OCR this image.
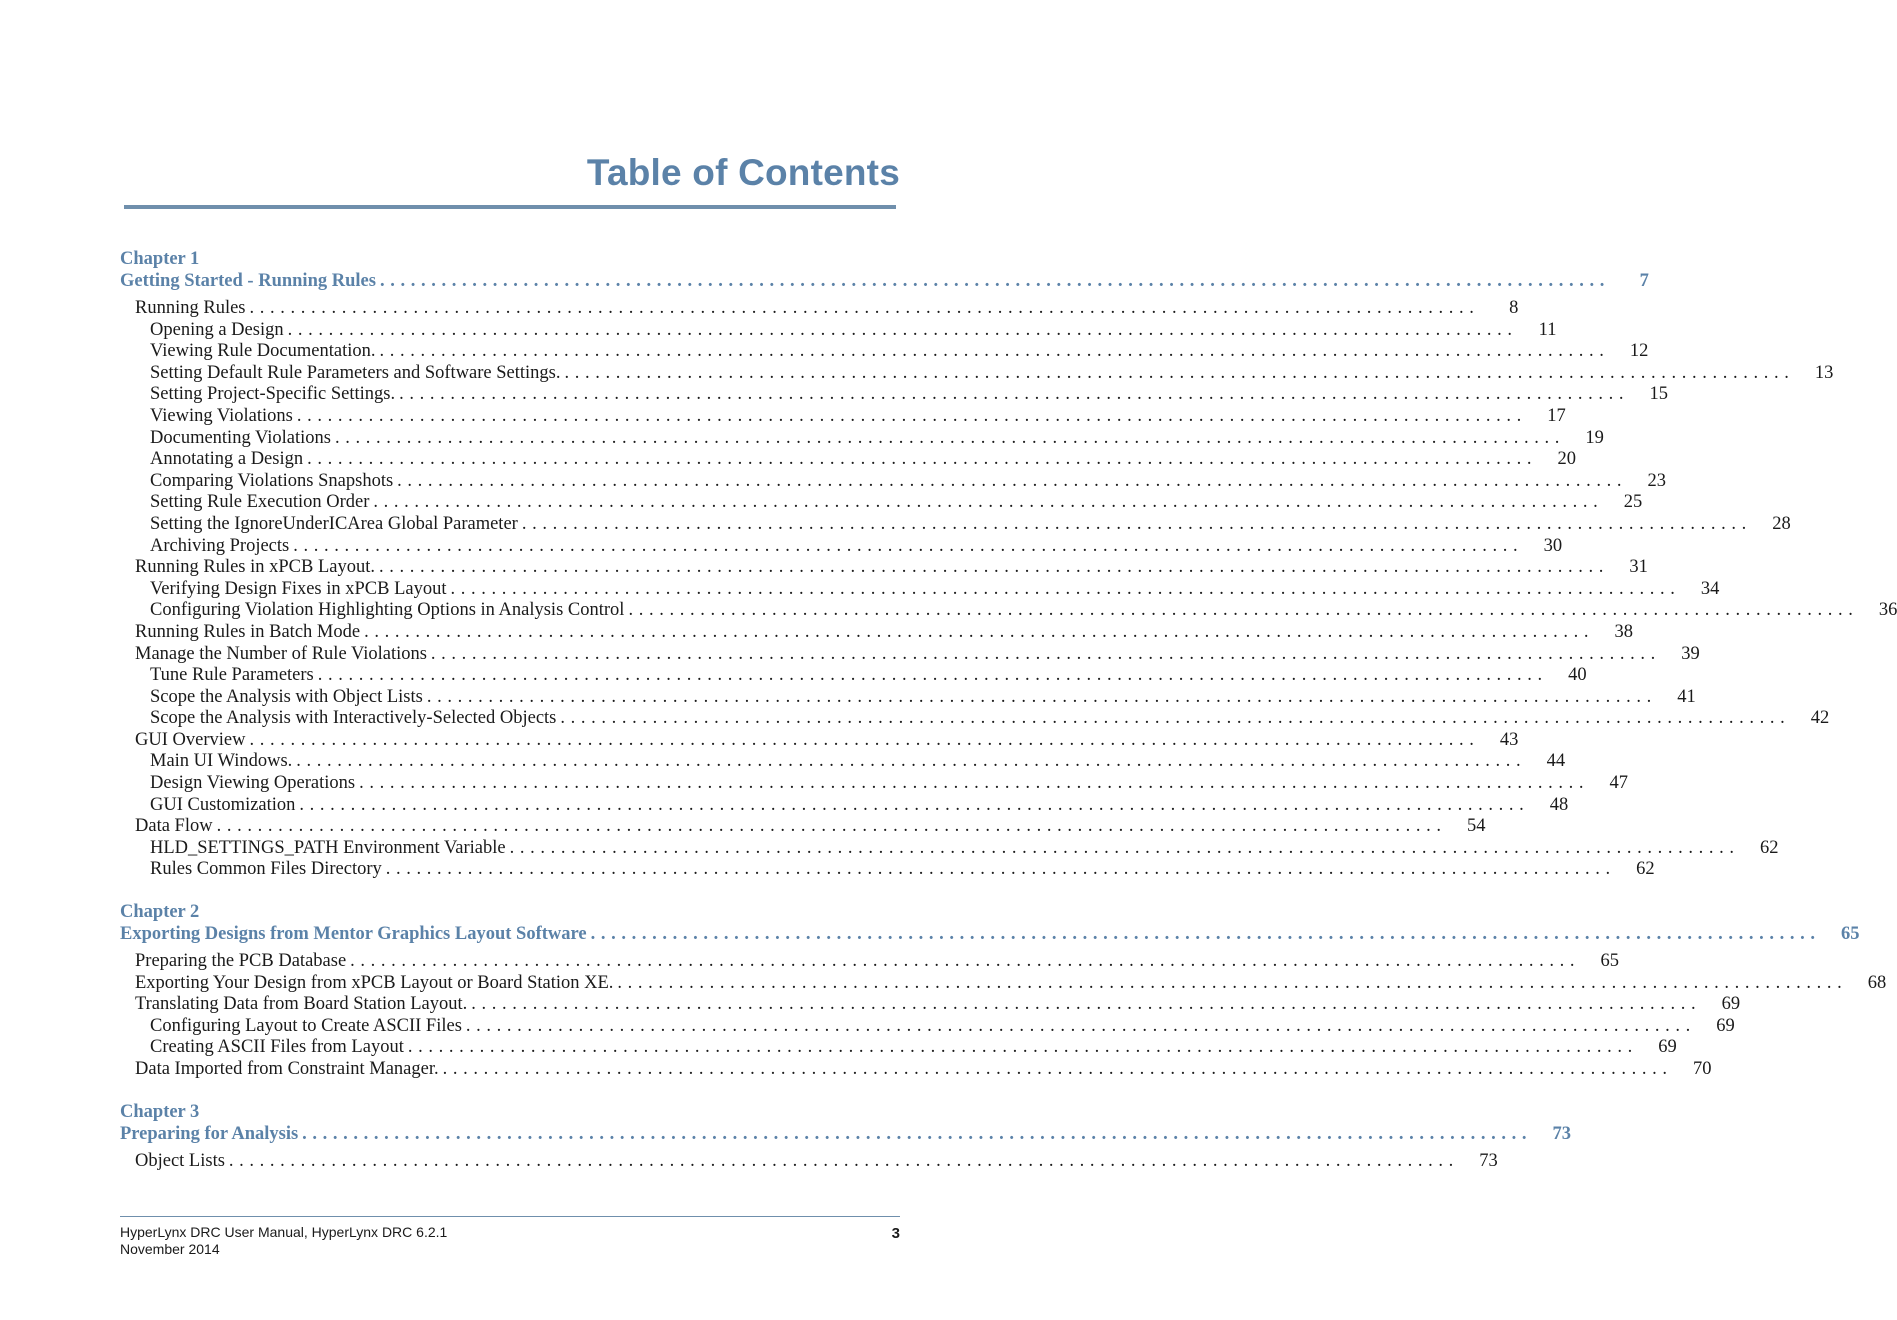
Table of Contents
Chapter 1
Getting Started - Running Rules . . . . . . . . . . . . . . . . . . . . . . . . . . . . . . . . . . . . . . . . . . . . . . . . . . . . . . . . . . . . . . . . . . . . . . . . . . . . . . . . . . . . . . . . . . . . . . . . . . . . . . . . . . . . . . . . . . . . . . . .	7
Running Rules . . . . . . . . . . . . . . . . . . . . . . . . . . . . . . . . . . . . . . . . . . . . . . . . . . . . . . . . . . . . . . . . . . . . . . . . . . . . . . . . . . . . . . . . . . . . . . . . . . . . . . . . . . . . . . . . . . . . . . . .	8
Opening a Design . . . . . . . . . . . . . . . . . . . . . . . . . . . . . . . . . . . . . . . . . . . . . . . . . . . . . . . . . . . . . . . . . . . . . . . . . . . . . . . . . . . . . . . . . . . . . . . . . . . . . . . . . . . . . . . . . . . . . . . .	11
Viewing Rule Documentation. . . . . . . . . . . . . . . . . . . . . . . . . . . . . . . . . . . . . . . . . . . . . . . . . . . . . . . . . . . . . . . . . . . . . . . . . . . . . . . . . . . . . . . . . . . . . . . . . . . . . . . . . . . . . . . . . . . . . . . . .	12
Setting Default Rule Parameters and Software Settings. . . . . . . . . . . . . . . . . . . . . . . . . . . . . . . . . . . . . . . . . . . . . . . . . . . . . . . . . . . . . . . . . . . . . . . . . . . . . . . . . . . . . . . . . . . . . . . . . . . . . . . . . . . . . . . . . . . . . . . . .	13
Setting Project-Specific Settings. . . . . . . . . . . . . . . . . . . . . . . . . . . . . . . . . . . . . . . . . . . . . . . . . . . . . . . . . . . . . . . . . . . . . . . . . . . . . . . . . . . . . . . . . . . . . . . . . . . . . . . . . . . . . . . . . . . . . . . . .	15
Viewing Violations . . . . . . . . . . . . . . . . . . . . . . . . . . . . . . . . . . . . . . . . . . . . . . . . . . . . . . . . . . . . . . . . . . . . . . . . . . . . . . . . . . . . . . . . . . . . . . . . . . . . . . . . . . . . . . . . . . . . . . . .	17
Documenting Violations . . . . . . . . . . . . . . . . . . . . . . . . . . . . . . . . . . . . . . . . . . . . . . . . . . . . . . . . . . . . . . . . . . . . . . . . . . . . . . . . . . . . . . . . . . . . . . . . . . . . . . . . . . . . . . . . . . . . . . . .	19
Annotating a Design . . . . . . . . . . . . . . . . . . . . . . . . . . . . . . . . . . . . . . . . . . . . . . . . . . . . . . . . . . . . . . . . . . . . . . . . . . . . . . . . . . . . . . . . . . . . . . . . . . . . . . . . . . . . . . . . . . . . . . . .	20
Comparing Violations Snapshots . . . . . . . . . . . . . . . . . . . . . . . . . . . . . . . . . . . . . . . . . . . . . . . . . . . . . . . . . . . . . . . . . . . . . . . . . . . . . . . . . . . . . . . . . . . . . . . . . . . . . . . . . . . . . . . . . . . . . . . .	23
Setting Rule Execution Order . . . . . . . . . . . . . . . . . . . . . . . . . . . . . . . . . . . . . . . . . . . . . . . . . . . . . . . . . . . . . . . . . . . . . . . . . . . . . . . . . . . . . . . . . . . . . . . . . . . . . . . . . . . . . . . . . . . . . . . .	25
Setting the IgnoreUnderICArea Global Parameter . . . . . . . . . . . . . . . . . . . . . . . . . . . . . . . . . . . . . . . . . . . . . . . . . . . . . . . . . . . . . . . . . . . . . . . . . . . . . . . . . . . . . . . . . . . . . . . . . . . . . . . . . . . . . . . . . . . . . . . .	28
Archiving Projects . . . . . . . . . . . . . . . . . . . . . . . . . . . . . . . . . . . . . . . . . . . . . . . . . . . . . . . . . . . . . . . . . . . . . . . . . . . . . . . . . . . . . . . . . . . . . . . . . . . . . . . . . . . . . . . . . . . . . . . .	30
Running Rules in xPCB Layout. . . . . . . . . . . . . . . . . . . . . . . . . . . . . . . . . . . . . . . . . . . . . . . . . . . . . . . . . . . . . . . . . . . . . . . . . . . . . . . . . . . . . . . . . . . . . . . . . . . . . . . . . . . . . . . . . . . . . . . . .	31
Verifying Design Fixes in xPCB Layout . . . . . . . . . . . . . . . . . . . . . . . . . . . . . . . . . . . . . . . . . . . . . . . . . . . . . . . . . . . . . . . . . . . . . . . . . . . . . . . . . . . . . . . . . . . . . . . . . . . . . . . . . . . . . . . . . . . . . . . .	34
Configuring Violation Highlighting Options in Analysis Control . . . . . . . . . . . . . . . . . . . . . . . . . . . . . . . . . . . . . . . . . . . . . . . . . . . . . . . . . . . . . . . . . . . . . . . . . . . . . . . . . . . . . . . . . . . . . . . . . . . . . . . . . . . . . . . . . . . . . . . .	36
Running Rules in Batch Mode . . . . . . . . . . . . . . . . . . . . . . . . . . . . . . . . . . . . . . . . . . . . . . . . . . . . . . . . . . . . . . . . . . . . . . . . . . . . . . . . . . . . . . . . . . . . . . . . . . . . . . . . . . . . . . . . . . . . . . . .	38
Manage the Number of Rule Violations . . . . . . . . . . . . . . . . . . . . . . . . . . . . . . . . . . . . . . . . . . . . . . . . . . . . . . . . . . . . . . . . . . . . . . . . . . . . . . . . . . . . . . . . . . . . . . . . . . . . . . . . . . . . . . . . . . . . . . . .	39
Tune Rule Parameters . . . . . . . . . . . . . . . . . . . . . . . . . . . . . . . . . . . . . . . . . . . . . . . . . . . . . . . . . . . . . . . . . . . . . . . . . . . . . . . . . . . . . . . . . . . . . . . . . . . . . . . . . . . . . . . . . . . . . . . .	40
Scope the Analysis with Object Lists . . . . . . . . . . . . . . . . . . . . . . . . . . . . . . . . . . . . . . . . . . . . . . . . . . . . . . . . . . . . . . . . . . . . . . . . . . . . . . . . . . . . . . . . . . . . . . . . . . . . . . . . . . . . . . . . . . . . . . . .	41
Scope the Analysis with Interactively-Selected Objects . . . . . . . . . . . . . . . . . . . . . . . . . . . . . . . . . . . . . . . . . . . . . . . . . . . . . . . . . . . . . . . . . . . . . . . . . . . . . . . . . . . . . . . . . . . . . . . . . . . . . . . . . . . . . . . . . . . . . . . .	42
GUI Overview . . . . . . . . . . . . . . . . . . . . . . . . . . . . . . . . . . . . . . . . . . . . . . . . . . . . . . . . . . . . . . . . . . . . . . . . . . . . . . . . . . . . . . . . . . . . . . . . . . . . . . . . . . . . . . . . . . . . . . . .	43
Main UI Windows. . . . . . . . . . . . . . . . . . . . . . . . . . . . . . . . . . . . . . . . . . . . . . . . . . . . . . . . . . . . . . . . . . . . . . . . . . . . . . . . . . . . . . . . . . . . . . . . . . . . . . . . . . . . . . . . . . . . . . . . .	44
Design Viewing Operations . . . . . . . . . . . . . . . . . . . . . . . . . . . . . . . . . . . . . . . . . . . . . . . . . . . . . . . . . . . . . . . . . . . . . . . . . . . . . . . . . . . . . . . . . . . . . . . . . . . . . . . . . . . . . . . . . . . . . . . .	47
GUI Customization . . . . . . . . . . . . . . . . . . . . . . . . . . . . . . . . . . . . . . . . . . . . . . . . . . . . . . . . . . . . . . . . . . . . . . . . . . . . . . . . . . . . . . . . . . . . . . . . . . . . . . . . . . . . . . . . . . . . . . . .	48
Data Flow . . . . . . . . . . . . . . . . . . . . . . . . . . . . . . . . . . . . . . . . . . . . . . . . . . . . . . . . . . . . . . . . . . . . . . . . . . . . . . . . . . . . . . . . . . . . . . . . . . . . . . . . . . . . . . . . . . . . . . . .	54
HLD_SETTINGS_PATH Environment Variable . . . . . . . . . . . . . . . . . . . . . . . . . . . . . . . . . . . . . . . . . . . . . . . . . . . . . . . . . . . . . . . . . . . . . . . . . . . . . . . . . . . . . . . . . . . . . . . . . . . . . . . . . . . . . . . . . . . . . . . .	62
Rules Common Files Directory . . . . . . . . . . . . . . . . . . . . . . . . . . . . . . . . . . . . . . . . . . . . . . . . . . . . . . . . . . . . . . . . . . . . . . . . . . . . . . . . . . . . . . . . . . . . . . . . . . . . . . . . . . . . . . . . . . . . . . . .	62
Chapter 2
Exporting Designs from Mentor Graphics Layout Software . . . . . . . . . . . . . . . . . . . . . . . . . . . . . . . . . . . . . . . . . . . . . . . . . . . . . . . . . . . . . . . . . . . . . . . . . . . . . . . . . . . . . . . . . . . . . . . . . . . . . . . . . . . . . . . . . . . . . . . .	65
Preparing the PCB Database . . . . . . . . . . . . . . . . . . . . . . . . . . . . . . . . . . . . . . . . . . . . . . . . . . . . . . . . . . . . . . . . . . . . . . . . . . . . . . . . . . . . . . . . . . . . . . . . . . . . . . . . . . . . . . . . . . . . . . . .	65
Exporting Your Design from xPCB Layout or Board Station XE. . . . . . . . . . . . . . . . . . . . . . . . . . . . . . . . . . . . . . . . . . . . . . . . . . . . . . . . . . . . . . . . . . . . . . . . . . . . . . . . . . . . . . . . . . . . . . . . . . . . . . . . . . . . . . . . . . . . . . . . .	68
Translating Data from Board Station Layout. . . . . . . . . . . . . . . . . . . . . . . . . . . . . . . . . . . . . . . . . . . . . . . . . . . . . . . . . . . . . . . . . . . . . . . . . . . . . . . . . . . . . . . . . . . . . . . . . . . . . . . . . . . . . . . . . . . . . . . . .	69
Configuring Layout to Create ASCII Files . . . . . . . . . . . . . . . . . . . . . . . . . . . . . . . . . . . . . . . . . . . . . . . . . . . . . . . . . . . . . . . . . . . . . . . . . . . . . . . . . . . . . . . . . . . . . . . . . . . . . . . . . . . . . . . . . . . . . . . .	69
Creating ASCII Files from Layout . . . . . . . . . . . . . . . . . . . . . . . . . . . . . . . . . . . . . . . . . . . . . . . . . . . . . . . . . . . . . . . . . . . . . . . . . . . . . . . . . . . . . . . . . . . . . . . . . . . . . . . . . . . . . . . . . . . . . . . .	69
Data Imported from Constraint Manager. . . . . . . . . . . . . . . . . . . . . . . . . . . . . . . . . . . . . . . . . . . . . . . . . . . . . . . . . . . . . . . . . . . . . . . . . . . . . . . . . . . . . . . . . . . . . . . . . . . . . . . . . . . . . . . . . . . . . . . . .	70
Chapter 3
Preparing for Analysis . . . . . . . . . . . . . . . . . . . . . . . . . . . . . . . . . . . . . . . . . . . . . . . . . . . . . . . . . . . . . . . . . . . . . . . . . . . . . . . . . . . . . . . . . . . . . . . . . . . . . . . . . . . . . . . . . . . . . . . .	73
Object Lists . . . . . . . . . . . . . . . . . . . . . . . . . . . . . . . . . . . . . . . . . . . . . . . . . . . . . . . . . . . . . . . . . . . . . . . . . . . . . . . . . . . . . . . . . . . . . . . . . . . . . . . . . . . . . . . . . . . . . . . .	73
HyperLynx DRC User Manual, HyperLynx DRC 6.2.1
November 2014
3
